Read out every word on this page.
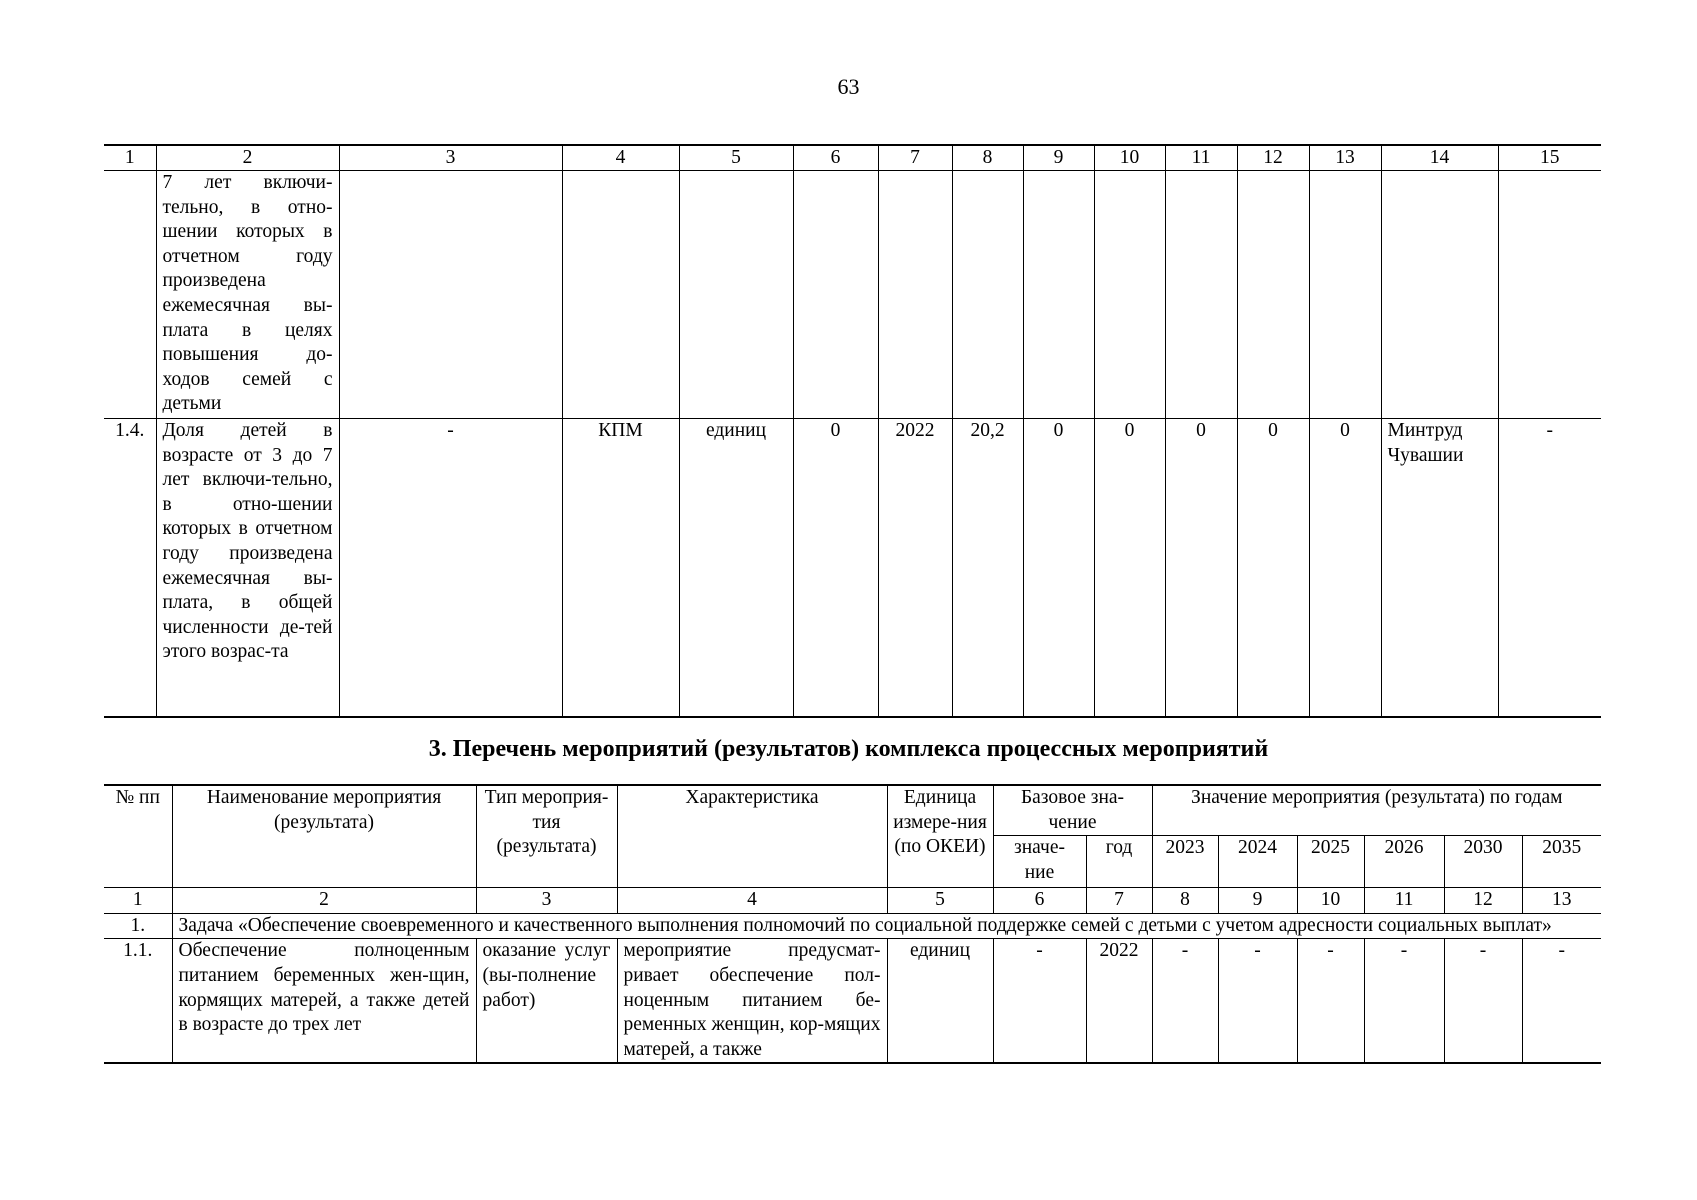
63
1	2	3	4	5	6	7	8	9	10	11	12	13	14	15
	7 лет включи-тельно, в отно-шении которых в отчетном году произведена ежемесячная вы-плата в целях повышения до-ходов семей с детьми													
1.4.	Доля детей в возрасте от 3 до 7 лет включи-тельно, в отно-шении которых в отчетном году произведена ежемесячная вы-плата, в общей численности де-тей этого возрас-та	-	КПМ	единиц	0	2022	20,2	0	0	0	0	0	Минтруд Чувашии	-
3. Перечень мероприятий (результатов) комплекса процессных мероприятий
№ пп	Наименование мероприятия (результата)	Тип мероприя-тия (результата)	Характеристика	Единица измере-ния (по ОКЕИ)	Базовое зна-чение		Значение мероприятия (результата) по годам					
					значе-ние	год	2023	2024	2025	2026	2030	2035
1	2	3	4	5	6	7	8	9	10	11	12	13
1.	Задача «Обеспечение своевременного и качественного выполнения полномочий по социальной поддержке семей с детьми с учетом адресности социальных выплат»											
1.1.	Обеспечение полноценным питанием беременных жен-щин, кормящих матерей, а также детей в возрасте до трех лет	оказание услуг (вы-полнение работ)	мероприятие предусмат-ривает обеспечение пол-ноценным питанием бе-ременных женщин, кор-мящих матерей, а также	единиц	-	2022	-	-	-	-	-	-
